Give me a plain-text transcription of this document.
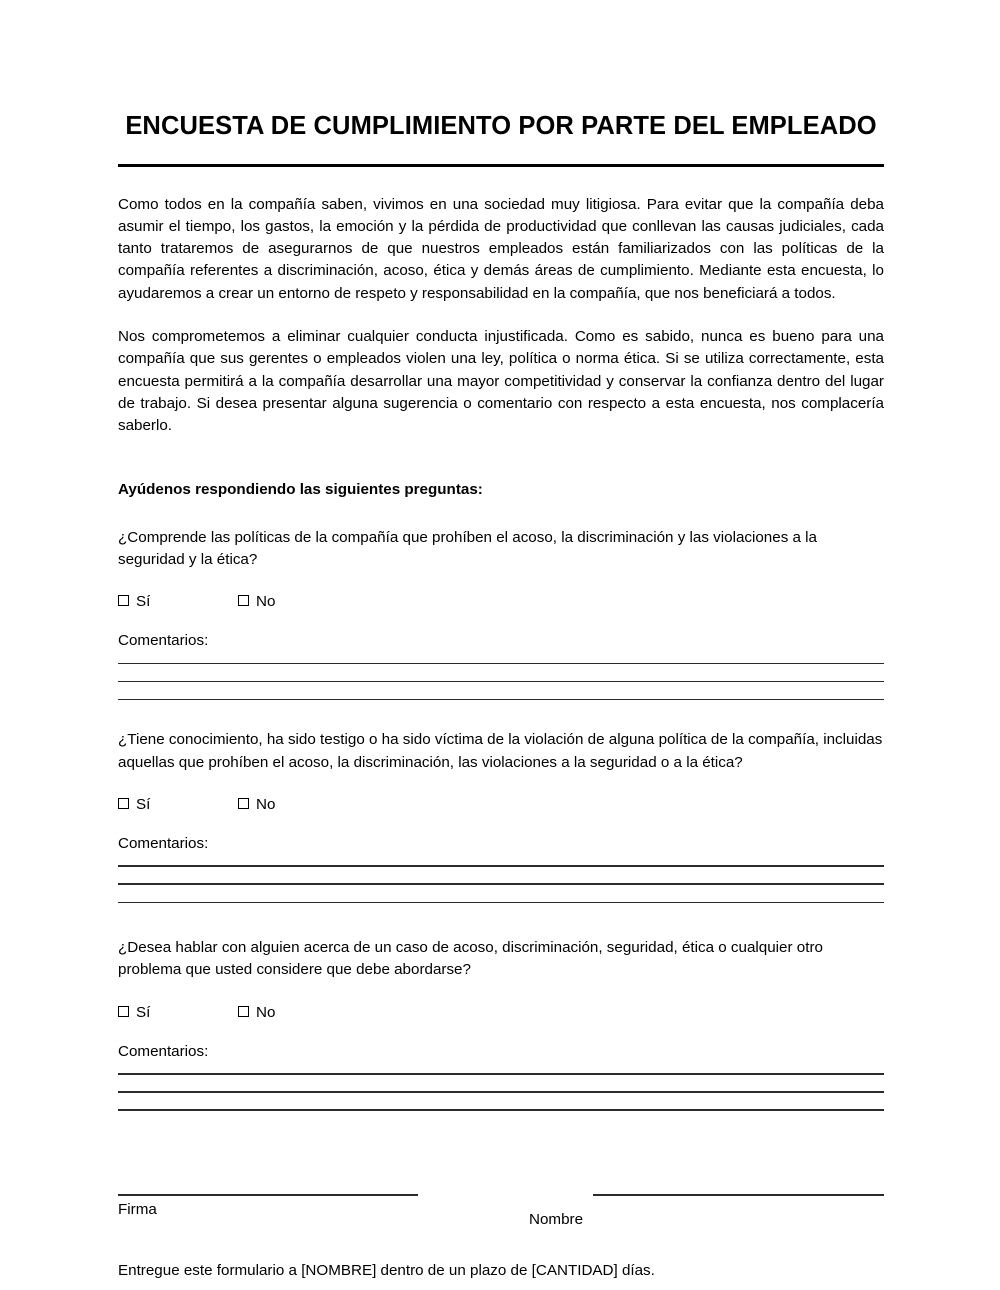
ENCUESTA DE CUMPLIMIENTO POR PARTE DEL EMPLEADO

Como todos en la compañía saben, vivimos en una sociedad muy litigiosa. Para evitar que la compañía deba asumir el tiempo, los gastos, la emoción y la pérdida de productividad que conllevan las causas judiciales, cada tanto trataremos de asegurarnos de que nuestros empleados están familiarizados con las políticas de la compañía referentes a discriminación, acoso, ética y demás áreas de cumplimiento. Mediante esta encuesta, lo ayudaremos a crear un entorno de respeto y responsabilidad en la compañía, que nos beneficiará a todos.

Nos comprometemos a eliminar cualquier conducta injustificada. Como es sabido, nunca es bueno para una compañía que sus gerentes o empleados violen una ley, política o norma ética. Si se utiliza correctamente, esta encuesta permitirá a la compañía desarrollar una mayor competitividad y conservar la confianza dentro del lugar de trabajo. Si desea presentar alguna sugerencia o comentario con respecto a esta encuesta, nos complacería saberlo.

Ayúdenos respondiendo las siguientes preguntas:

¿Comprende las políticas de la compañía que prohíben el acoso, la discriminación y las violaciones a la seguridad y la ética?

Sí	No

Comentarios:

¿Tiene conocimiento, ha sido testigo o ha sido víctima de la violación de alguna política de la compañía, incluidas aquellas que prohíben el acoso, la discriminación, las violaciones a la seguridad o a la ética?

Sí	No

Comentarios:

¿Desea hablar con alguien acerca de un caso de acoso, discriminación, seguridad, ética o cualquier otro problema que usted considere que debe abordarse?

Sí	No

Comentarios:

Firma
Nombre

Entregue este formulario a [NOMBRE] dentro de un plazo de [CANTIDAD] días.
